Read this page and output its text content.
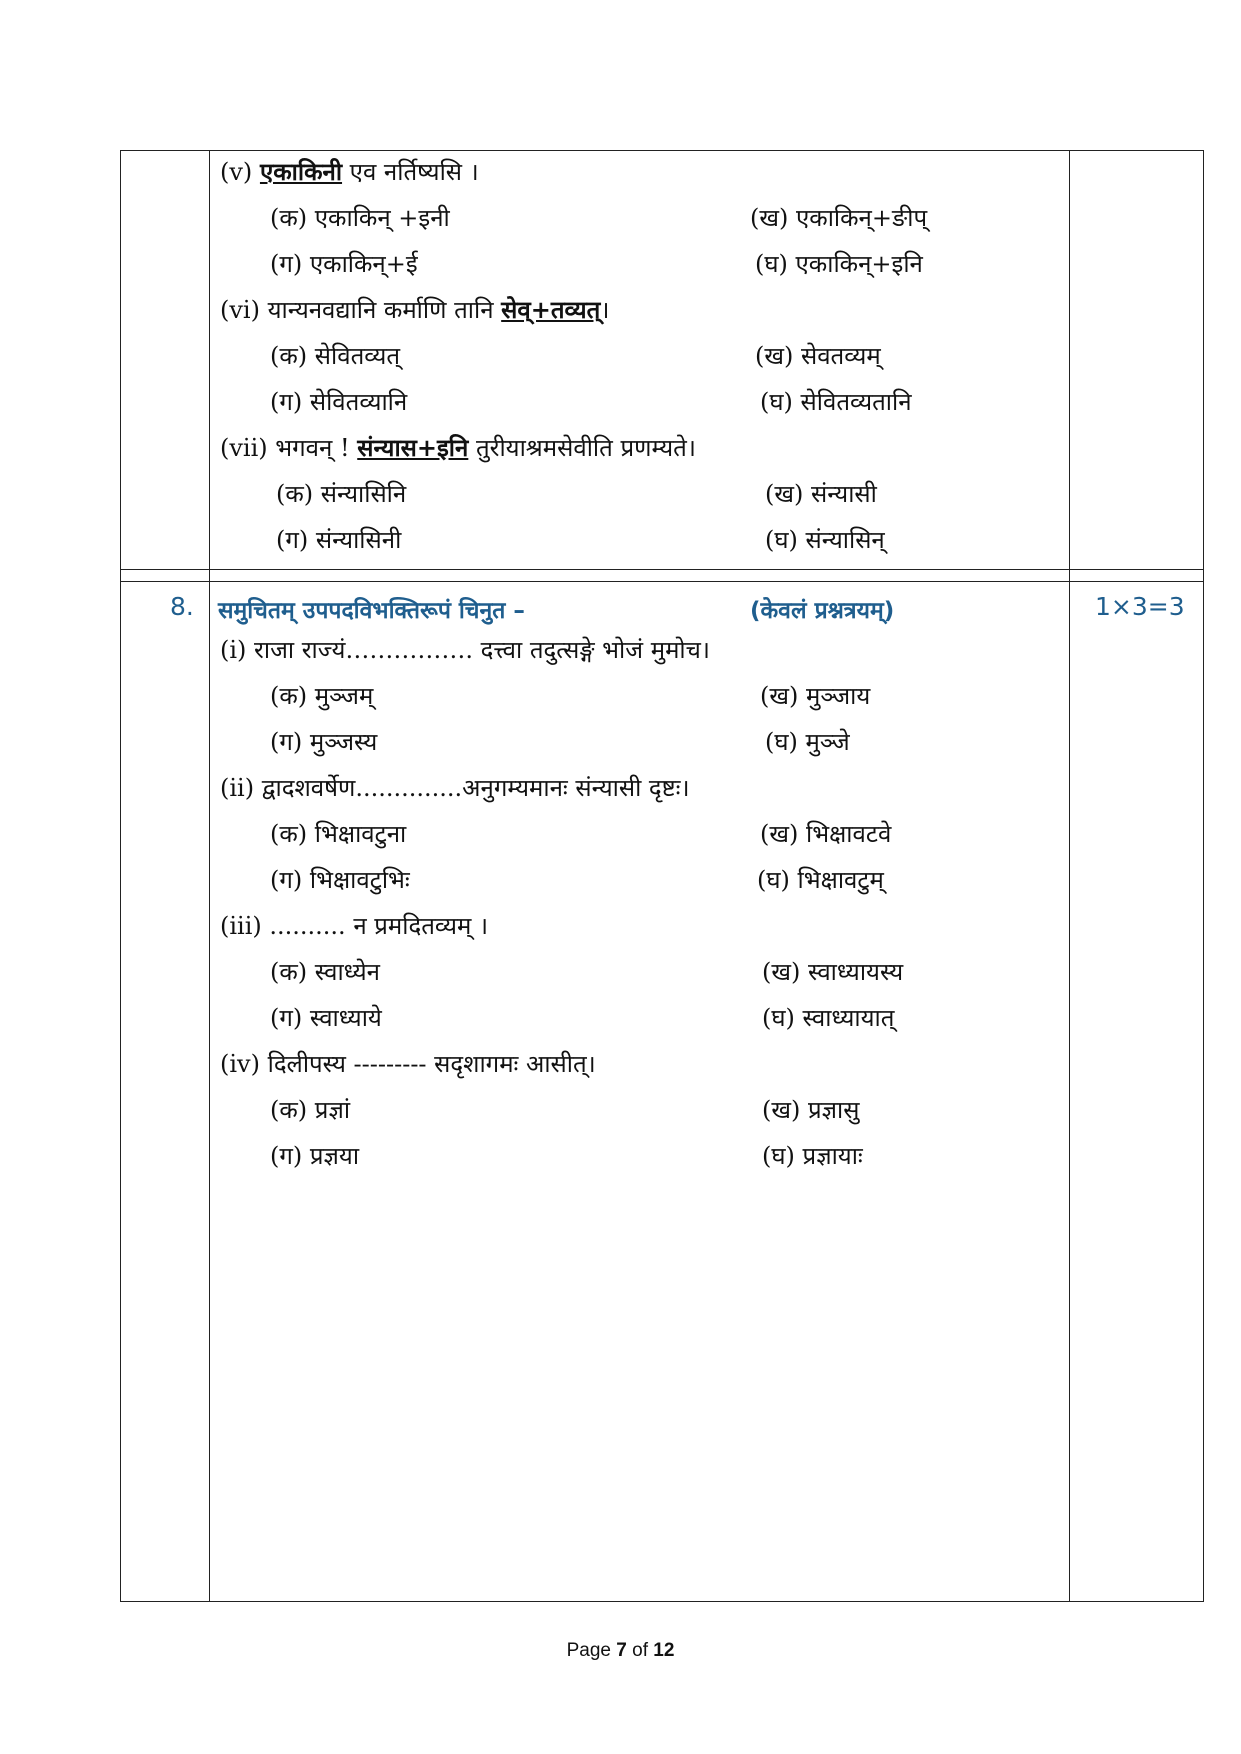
(v) एकाकिनी एव नर्तिष्यसि ।
(क) एकाकिन् +इनी	(ख) एकाकिन्+ङीप्
(ग) एकाकिन्+ई	(घ) एकाकिन्+इनि
(vi) यान्यनवद्यानि कर्माणि तानि सेव्+तव्यत्।
(क) सेवितव्यत्	(ख) सेवतव्यम्
(ग) सेवितव्यानि	(घ) सेवितव्यतानि
(vii) भगवन् ! संन्यास+इनि तुरीयाश्रमसेवीति प्रणम्यते।
(क) संन्यासिनि	(ख) संन्यासी
(ग) संन्यासिनी	(घ) संन्यासिन्
8. समुचितम् उपपदविभक्तिरूपं चिनुत –	(केवलं प्रश्नत्रयम्)	1×3=3
(i) राजा राज्यं……………. दत्त्वा तदुत्सङ्गे भोजं मुमोच।
(क) मुञ्जम्	(ख) मुञ्जाय
(ग) मुञ्जस्य	(घ) मुञ्जे
(ii) द्वादशवर्षेण..............अनुगम्यमानः संन्यासी दृष्टः।
(क) भिक्षावटुना	(ख) भिक्षावटवे
(ग) भिक्षावटुभिः	(घ) भिक्षावटुम्
(iii) .......... न प्रमदितव्यम् ।
(क) स्वाध्येन	(ख) स्वाध्यायस्य
(ग) स्वाध्याये	(घ) स्वाध्यायात्
(iv) दिलीपस्य --------- सदृशागमः आसीत्।
(क) प्रज्ञां	(ख) प्रज्ञासु
(ग) प्रज्ञया	(घ) प्रज्ञायाः
Page 7 of 12
